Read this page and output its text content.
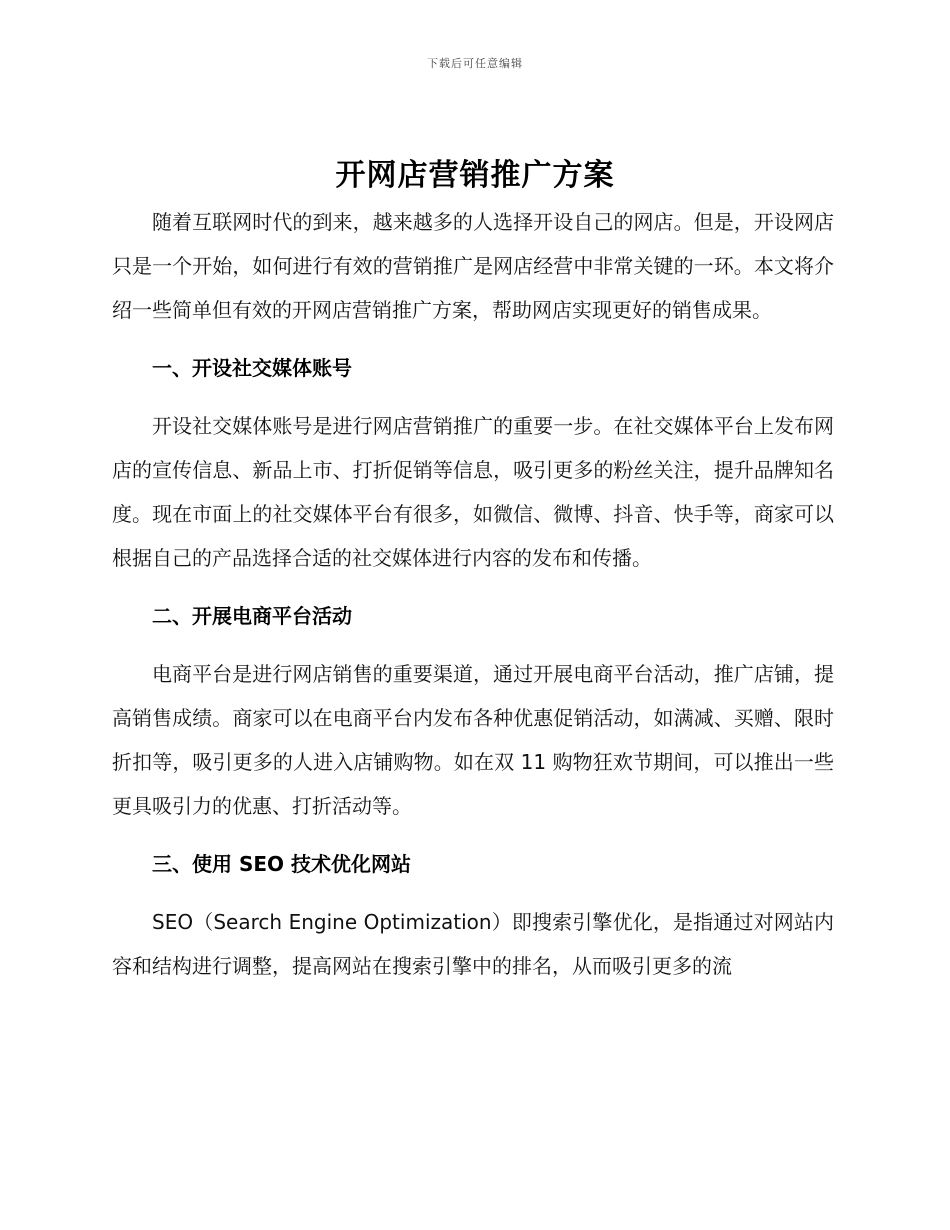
下载后可任意编辑
开网店营销推广方案

随着互联网时代的到来，越来越多的人选择开设自己的网店。但是，开设网店只是一个开始，如何进行有效的营销推广是网店经营中非常关键的一环。本文将介绍一些简单但有效的开网店营销推广方案，帮助网店实现更好的销售成果。

一、开设社交媒体账号

开设社交媒体账号是进行网店营销推广的重要一步。在社交媒体平台上发布网店的宣传信息、新品上市、打折促销等信息，吸引更多的粉丝关注，提升品牌知名度。现在市面上的社交媒体平台有很多，如微信、微博、抖音、快手等，商家可以根据自己的产品选择合适的社交媒体进行内容的发布和传播。

二、开展电商平台活动

电商平台是进行网店销售的重要渠道，通过开展电商平台活动，推广店铺，提高销售成绩。商家可以在电商平台内发布各种优惠促销活动，如满减、买赠、限时折扣等，吸引更多的人进入店铺购物。如在双 11 购物狂欢节期间，可以推出一些更具吸引力的优惠、打折活动等。

三、使用 SEO 技术优化网站

SEO（Search Engine Optimization）即搜索引擎优化，是指通过对网站内容和结构进行调整，提高网站在搜索引擎中的排名，从而吸引更多的流
